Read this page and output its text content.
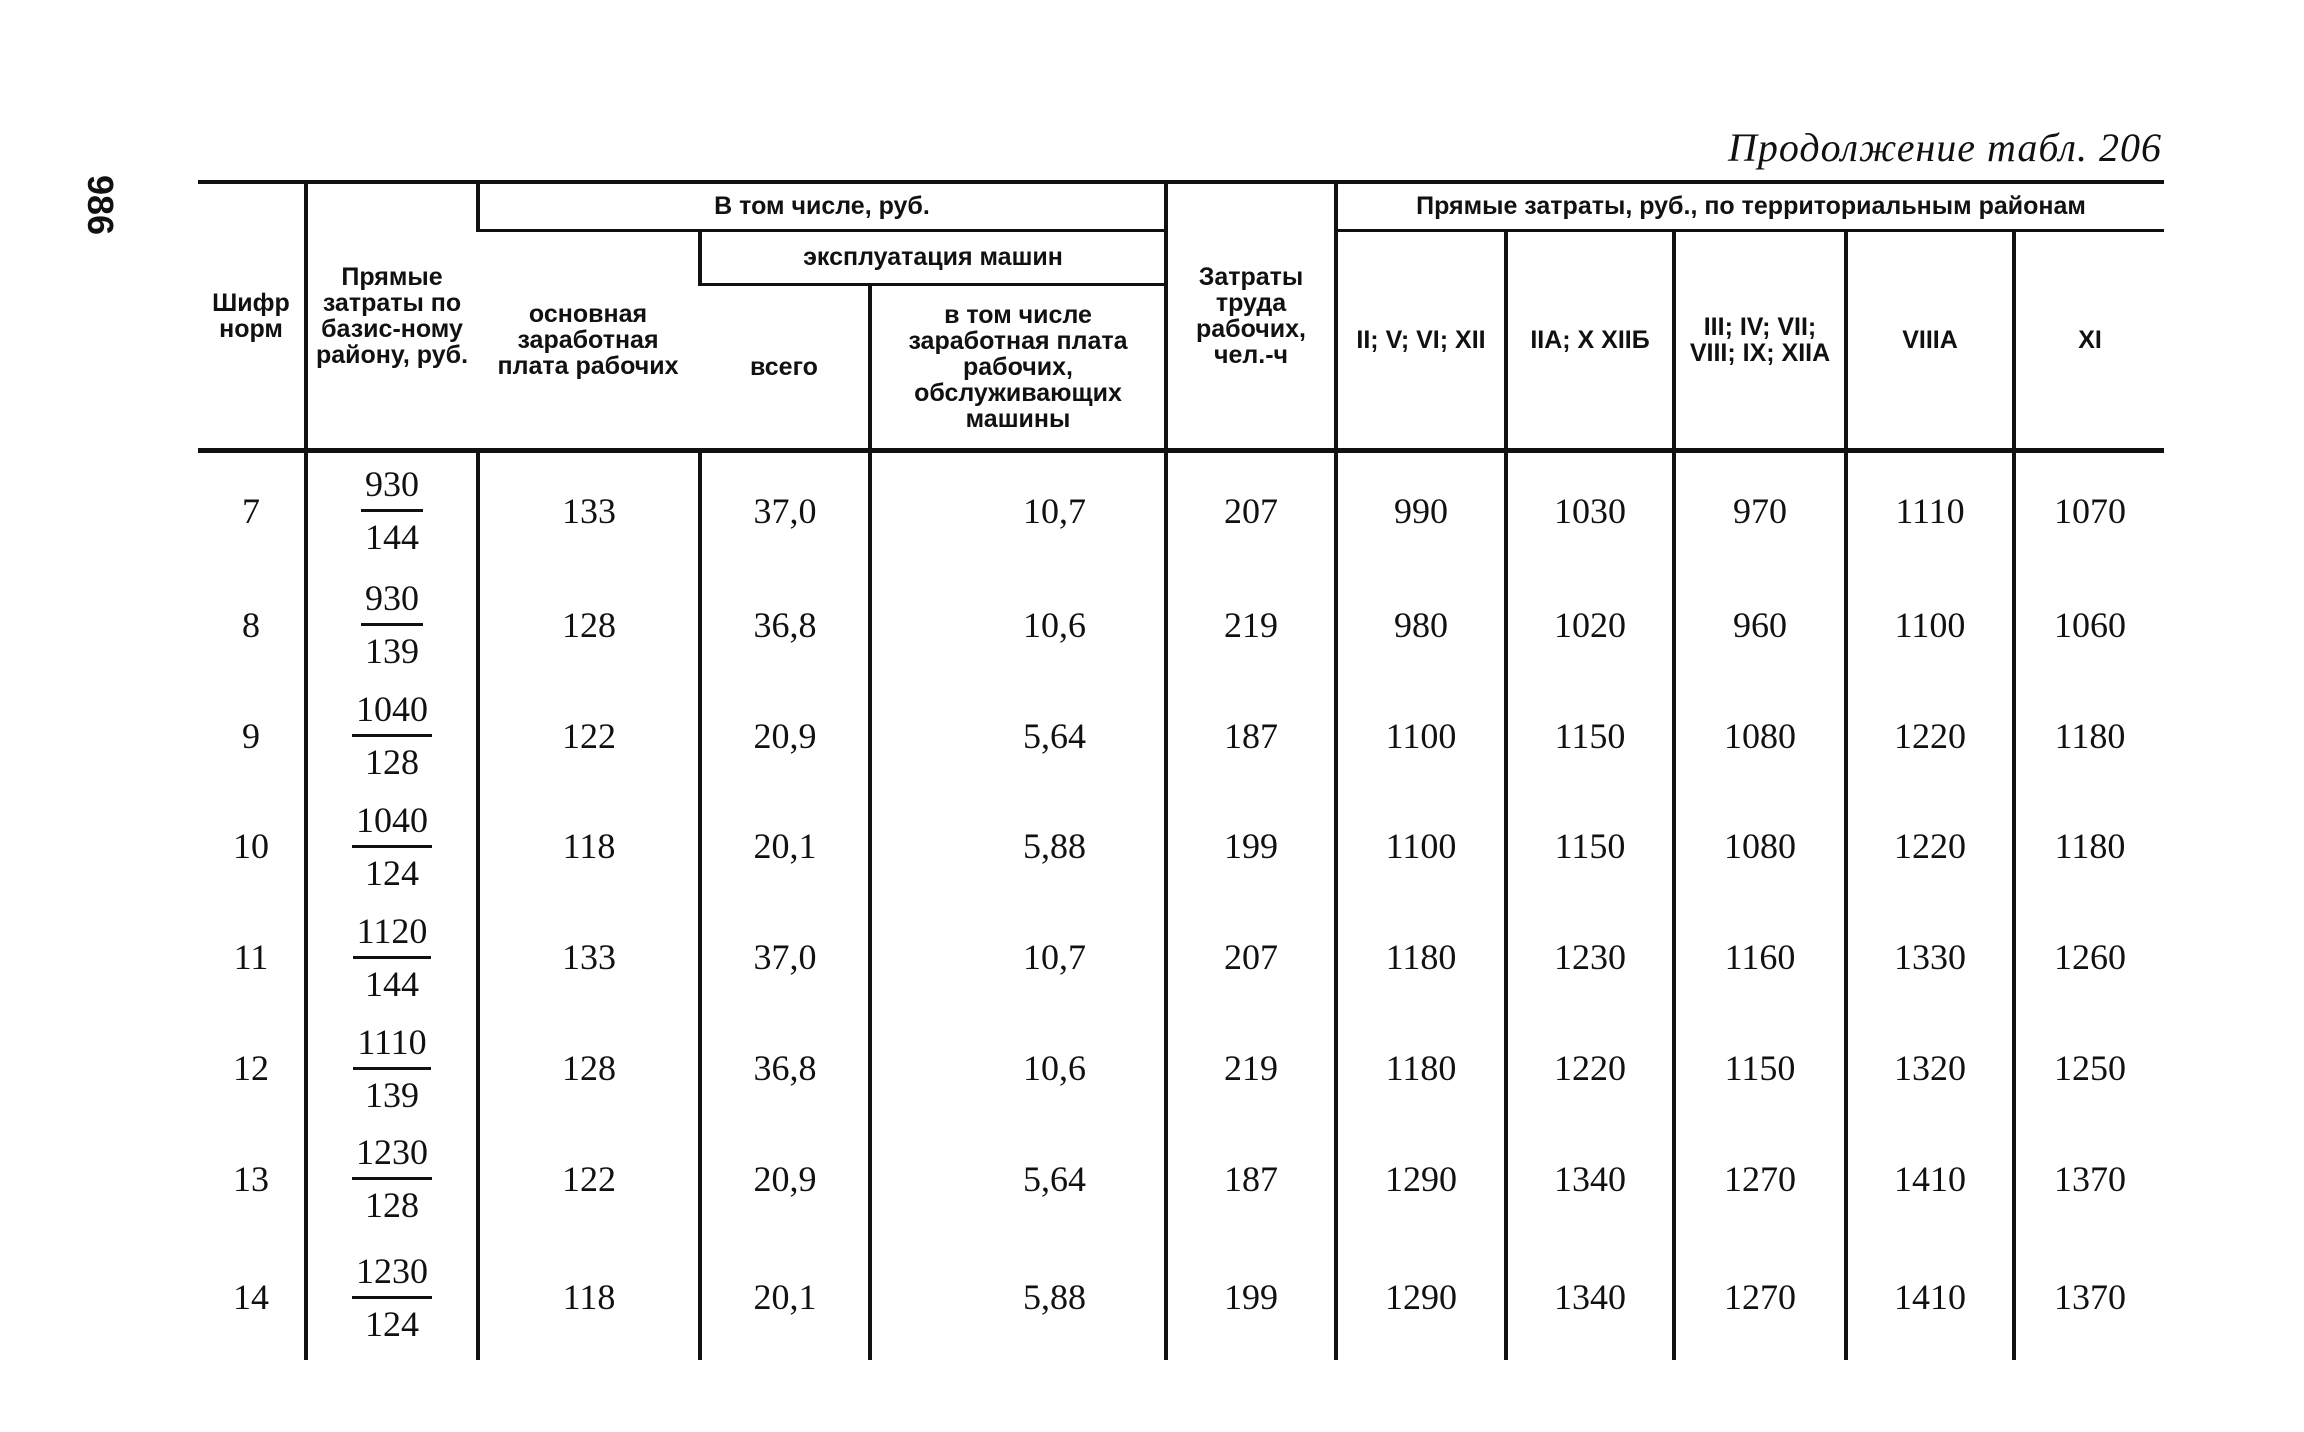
986
Продолжение табл. 206
Шифр норм	Прямые затраты по базис-ному району, руб.	В том числе, руб.			Затраты труда рабочих, чел.-ч	Прямые затраты, руб., по территориальным районам				
		основная заработная плата рабочих	эксплуатация машин			II; V; VI; XII	IIА; X XIIБ	III; IV; VII; VIII; IX; XIIА	VIIIА	XI
			всего	в том числе заработная плата рабочих, обслуживающих машины						
7	$\frac{930}{144}$	133	37,0	10,7	207	990	1030	970	1110	1070
8	$\frac{930}{139}$	128	36,8	10,6	219	980	1020	960	1100	1060
9	$\frac{1040}{128}$	122	20,9	5,64	187	1100	1150	1080	1220	1180
10	$\frac{1040}{124}$	118	20,1	5,88	199	1100	1150	1080	1220	1180
11	$\frac{1120}{144}$	133	37,0	10,7	207	1180	1230	1160	1330	1260
12	$\frac{1110}{139}$	128	36,8	10,6	219	1180	1220	1150	1320	1250
13	$\frac{1230}{128}$	122	20,9	5,64	187	1290	1340	1270	1410	1370
14	$\frac{1230}{124}$	118	20,1	5,88	199	1290	1340	1270	1410	1370
